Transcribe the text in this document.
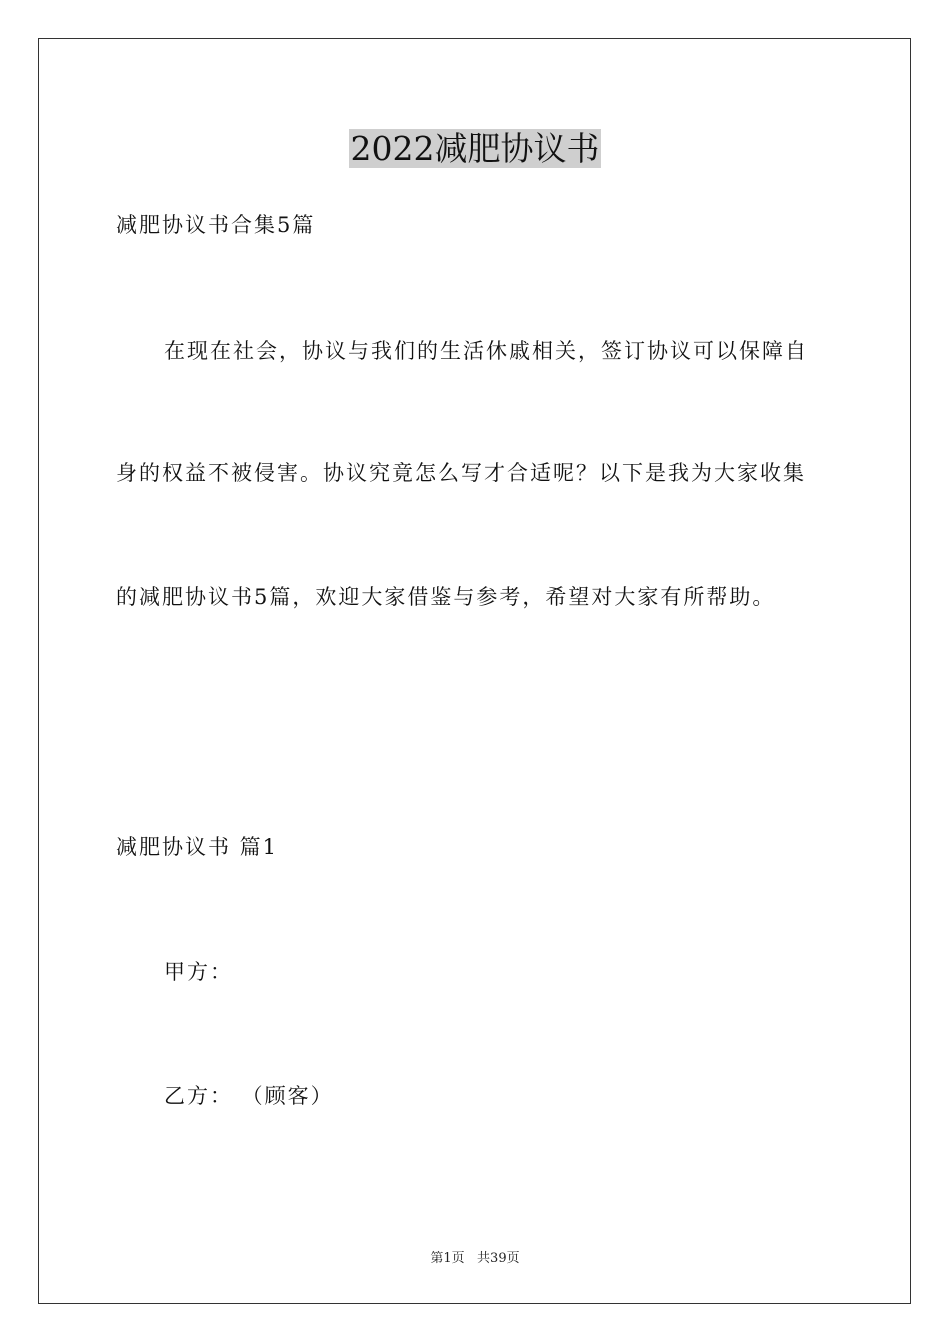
2022减肥协议书
减肥协议书合集5篇
在现在社会，协议与我们的生活休戚相关，签订协议可以保障自
身的权益不被侵害。协议究竟怎么写才合适呢？以下是我为大家收集
的减肥协议书5篇，欢迎大家借鉴与参考，希望对大家有所帮助。
减肥协议书 篇1
甲方：
乙方： （顾客）
第1页   共39页
